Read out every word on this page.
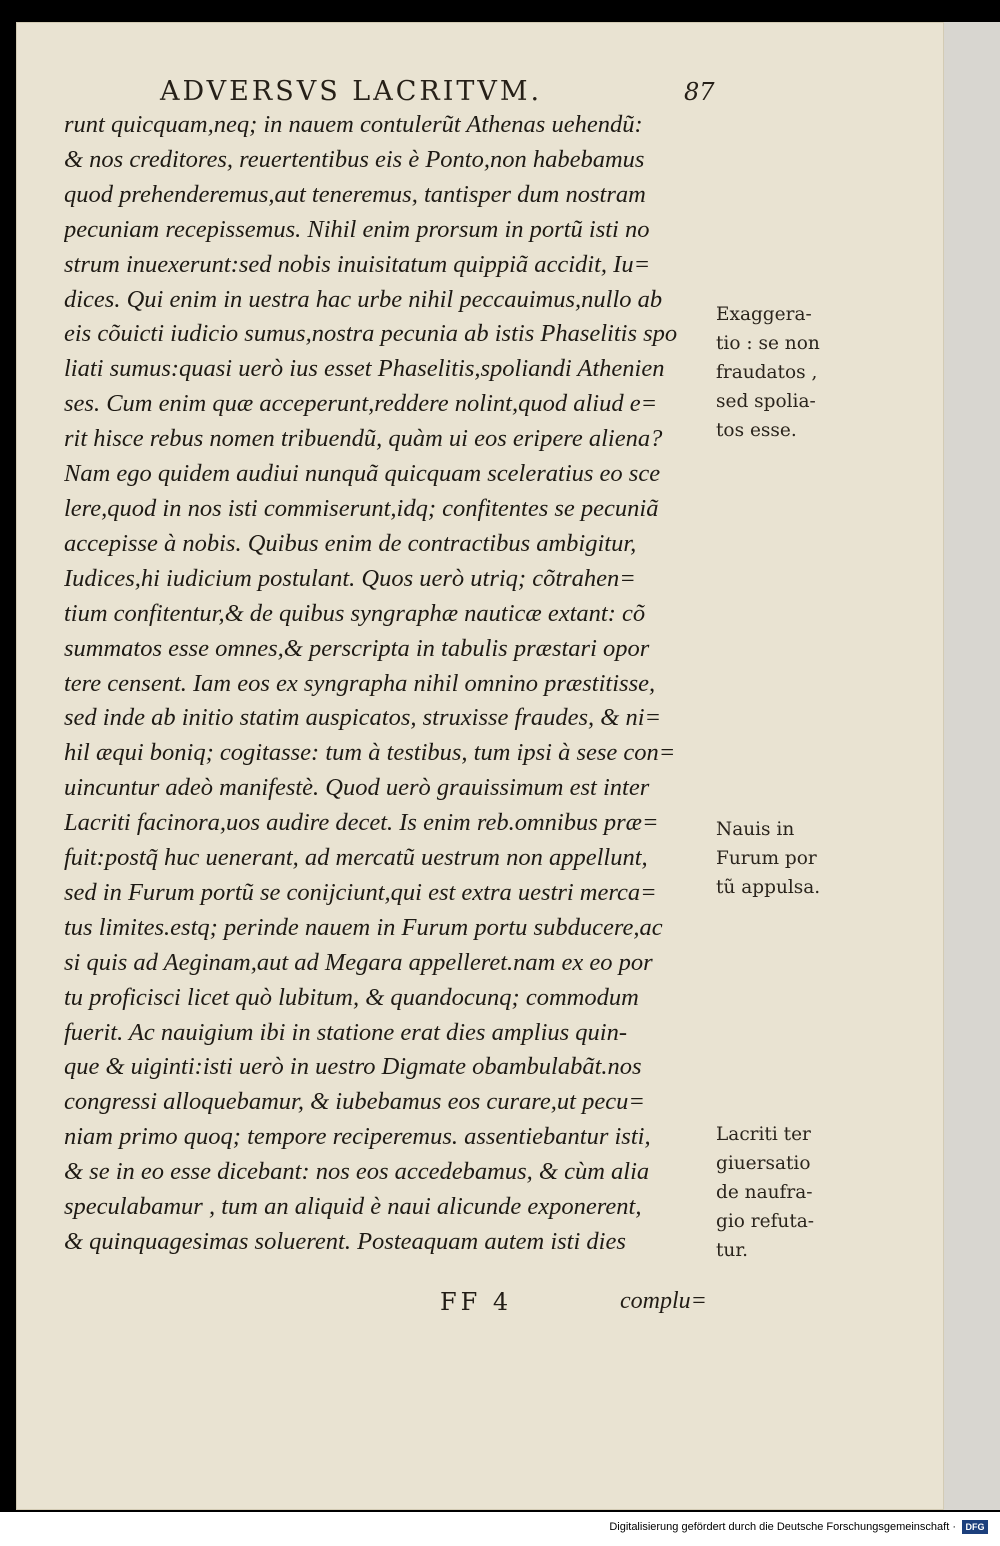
ADVERSVS LACRITVM.	87
runt quicquam,neq; in nauem contulerũt Athenas uehendũ:
& nos creditores, reuertentibus eis è Ponto,non habebamus
quod prehenderemus,aut teneremus, tantisper dum nostram
pecuniam recepissemus. Nihil enim prorsum in portũ isti no
strum inuexerunt:sed nobis inuisitatum quippiã accidit, Iu=
dices. Qui enim in uestra hac urbe nihil peccauimus,nullo ab
eis cõuicti iudicio sumus,nostra pecunia ab istis Phaselitis spo
liati sumus:quasi uerò ius esset Phaselitis,spoliandi Athenien
ses. Cum enim quæ acceperunt,reddere nolint,quod aliud e=
rit hisce rebus nomen tribuendũ, quàm ui eos eripere aliena?
Nam ego quidem audiui nunquã quicquam sceleratius eo sce
lere,quod in nos isti commiserunt,idq; confitentes se pecuniã
accepisse à nobis. Quibus enim de contractibus ambigitur,
Iudices,hi iudicium postulant. Quos uerò utriq; cõtrahen=
tium confitentur,& de quibus syngraphæ nauticæ extant: cõ
summatos esse omnes,& perscripta in tabulis præstari opor
tere censent. Iam eos ex syngrapha nihil omnino præstitisse,
sed inde ab initio statim auspicatos, struxisse fraudes, & ni=
hil æqui boniq; cogitasse: tum à testibus, tum ipsi à sese con=
uincuntur adeò manifestè. Quod uerò grauissimum est inter
Lacriti facinora,uos audire decet. Is enim reb.omnibus præ=
fuit:postq̃ huc uenerant, ad mercatũ uestrum non appellunt,
sed in Furum portũ se conijciunt,qui est extra uestri merca=
tus limites.estq; perinde nauem in Furum portu subducere,ac
si quis ad Aeginam,aut ad Megara appelleret.nam ex eo por
tu proficisci licet quò lubitum, & quandocunq; commodum
fuerit. Ac nauigium ibi in statione erat dies amplius quin-
que & uiginti:isti uerò in uestro Digmate obambulabãt.nos
congressi alloquebamur, & iubebamus eos curare,ut pecu=
niam primo quoq; tempore reciperemus. assentiebantur isti,
& se in eo esse dicebant: nos eos accedebamus, & cùm alia
speculabamur , tum an aliquid è naui alicunde exponerent,
& quinquagesimas soluerent. Posteaquam autem isti dies
Exaggera-
tio : se non
fraudatos ,
sed spolia-
tos esse.
Nauis in
Furum por
tũ appulsa.
Lacriti ter
giuersatio
de naufra-
gio refuta-
tur.
FF 4	complu=
Digitalisierung gefördert durch die Deutsche Forschungsgemeinschaft ·	DFG
